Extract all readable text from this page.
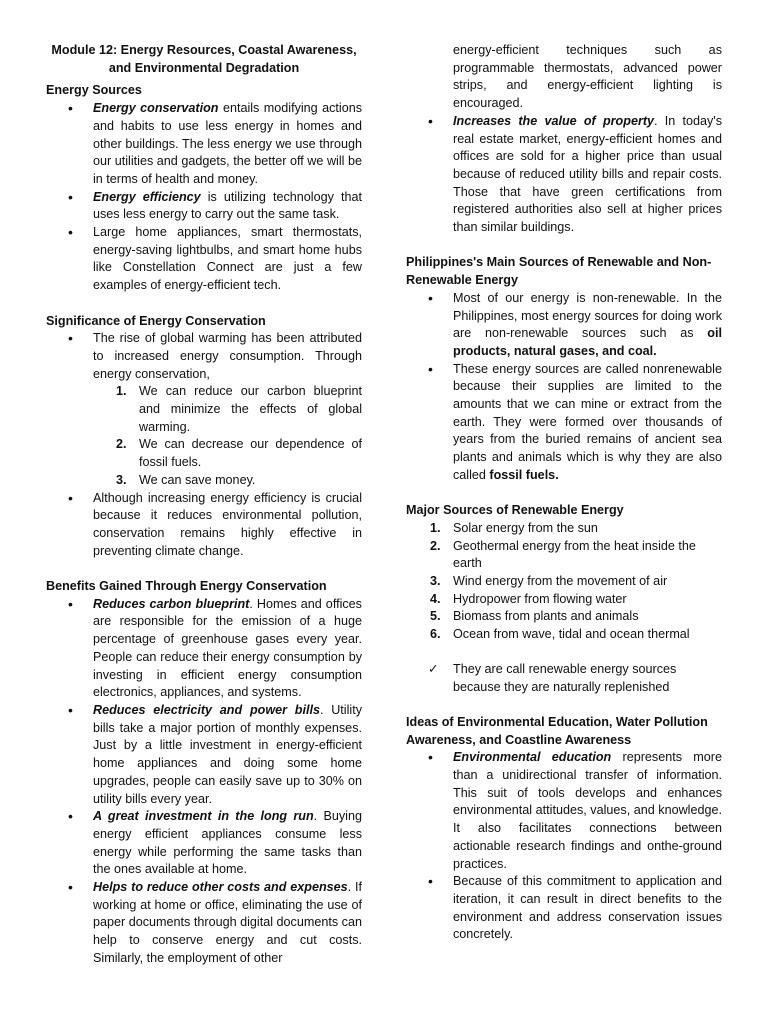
Module 12: Energy Resources, Coastal Awareness,
and Environmental Degradation
Energy Sources
• Energy conservation entails modifying actions and habits to use less energy in homes and other buildings. The less energy we use through our utilities and gadgets, the better off we will be in terms of health and money.
• Energy efficiency is utilizing technology that uses less energy to carry out the same task.
• Large home appliances, smart thermostats, energy-saving lightbulbs, and smart home hubs like Constellation Connect are just a few examples of energy-efficient tech.
Significance of Energy Conservation
• The rise of global warming has been attributed to increased energy consumption. Through energy conservation,
1. We can reduce our carbon blueprint and minimize the effects of global warming.
2. We can decrease our dependence of fossil fuels.
3. We can save money.
• Although increasing energy efficiency is crucial because it reduces environmental pollution, conservation remains highly effective in preventing climate change.
Benefits Gained Through Energy Conservation
• Reduces carbon blueprint. Homes and offices are responsible for the emission of a huge percentage of greenhouse gases every year. People can reduce their energy consumption by investing in efficient energy consumption electronics, appliances, and systems.
• Reduces electricity and power bills. Utility bills take a major portion of monthly expenses. Just by a little investment in energy-efficient home appliances and doing some home upgrades, people can easily save up to 30% on utility bills every year.
• A great investment in the long run. Buying energy efficient appliances consume less energy while performing the same tasks than the ones available at home.
• Helps to reduce other costs and expenses. If working at home or office, eliminating the use of paper documents through digital documents can help to conserve energy and cut costs. Similarly, the employment of other
energy-efficient techniques such as programmable thermostats, advanced power strips, and energy-efficient lighting is encouraged.
• Increases the value of property. In today's real estate market, energy-efficient homes and offices are sold for a higher price than usual because of reduced utility bills and repair costs. Those that have green certifications from registered authorities also sell at higher prices than similar buildings.
Philippines's Main Sources of Renewable and Non-Renewable Energy
• Most of our energy is non-renewable. In the Philippines, most energy sources for doing work are non-renewable sources such as oil products, natural gases, and coal.
• These energy sources are called nonrenewable because their supplies are limited to the amounts that we can mine or extract from the earth. They were formed over thousands of years from the buried remains of ancient sea plants and animals which is why they are also called fossil fuels.
Major Sources of Renewable Energy
1. Solar energy from the sun
2. Geothermal energy from the heat inside the earth
3. Wind energy from the movement of air
4. Hydropower from flowing water
5. Biomass from plants and animals
6. Ocean from wave, tidal and ocean thermal
✓ They are call renewable energy sources because they are naturally replenished
Ideas of Environmental Education, Water Pollution Awareness, and Coastline Awareness
• Environmental education represents more than a unidirectional transfer of information. This suit of tools develops and enhances environmental attitudes, values, and knowledge. It also facilitates connections between actionable research findings and onthe-ground practices.
• Because of this commitment to application and iteration, it can result in direct benefits to the environment and address conservation issues concretely.
